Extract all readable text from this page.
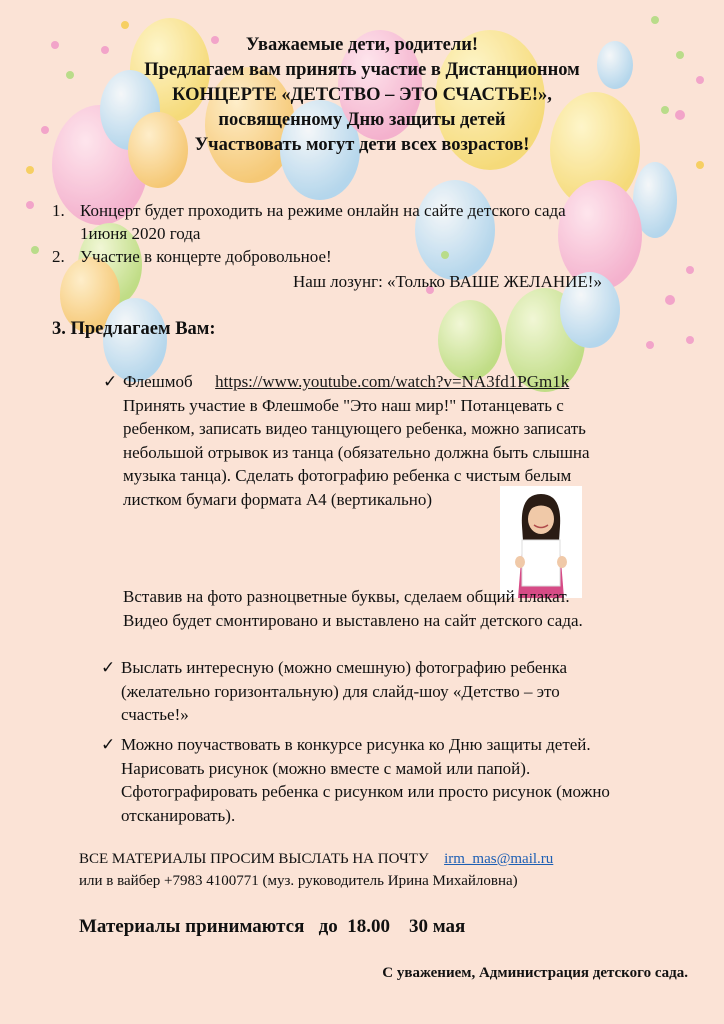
Уважаемые дети, родители!
Предлагаем вам принять участие в Дистанционном
КОНЦЕРТЕ «ДЕТСТВО – ЭТО СЧАСТЬЕ!»,
посвященному Дню защиты детей
Участвовать могут дети всех возрастов!
1. Концерт будет проходить на режиме онлайн на сайте детского сада
1июня 2020 года
2. Участие в концерте добровольное!
Наш лозунг: «Только ВАШЕ ЖЕЛАНИЕ!»
3. Предлагаем Вам:
✓ Флешмоб https://www.youtube.com/watch?v=NA3fd1PGm1k
Принять участие в Флешмобе "Это наш мир!" Потанцевать с
ребенком, записать видео танцующего ребенка, можно записать
небольшой отрывок из танца (обязательно должна быть слышна
музыка танца). Сделать фотографию ребенка с чистым белым
листком бумаги формата А4 (вертикально)
Вставив на фото разноцветные буквы, сделаем общий плакат.
Видео будет смонтировано и выставлено на сайт детского сада.
✓ Выслать интересную (можно смешную) фотографию ребенка
(желательно горизонтальную) для слайд-шоу «Детство – это
счастье!»
✓ Можно поучаствовать в конкурсе рисунка ко Дню защиты детей.
Нарисовать рисунок (можно вместе с мамой или папой).
Сфотографировать ребенка с рисунком или просто рисунок (можно
отсканировать).
ВСЕ МАТЕРИАЛЫ ПРОСИМ ВЫСЛАТЬ НА ПОЧТУ irm_mas@mail.ru
или в вайбер +7983 4100771 (муз. руководитель Ирина Михайловна)
Материалы принимаются   до  18.00    30 мая
С уважением, Администрация детского сада.
